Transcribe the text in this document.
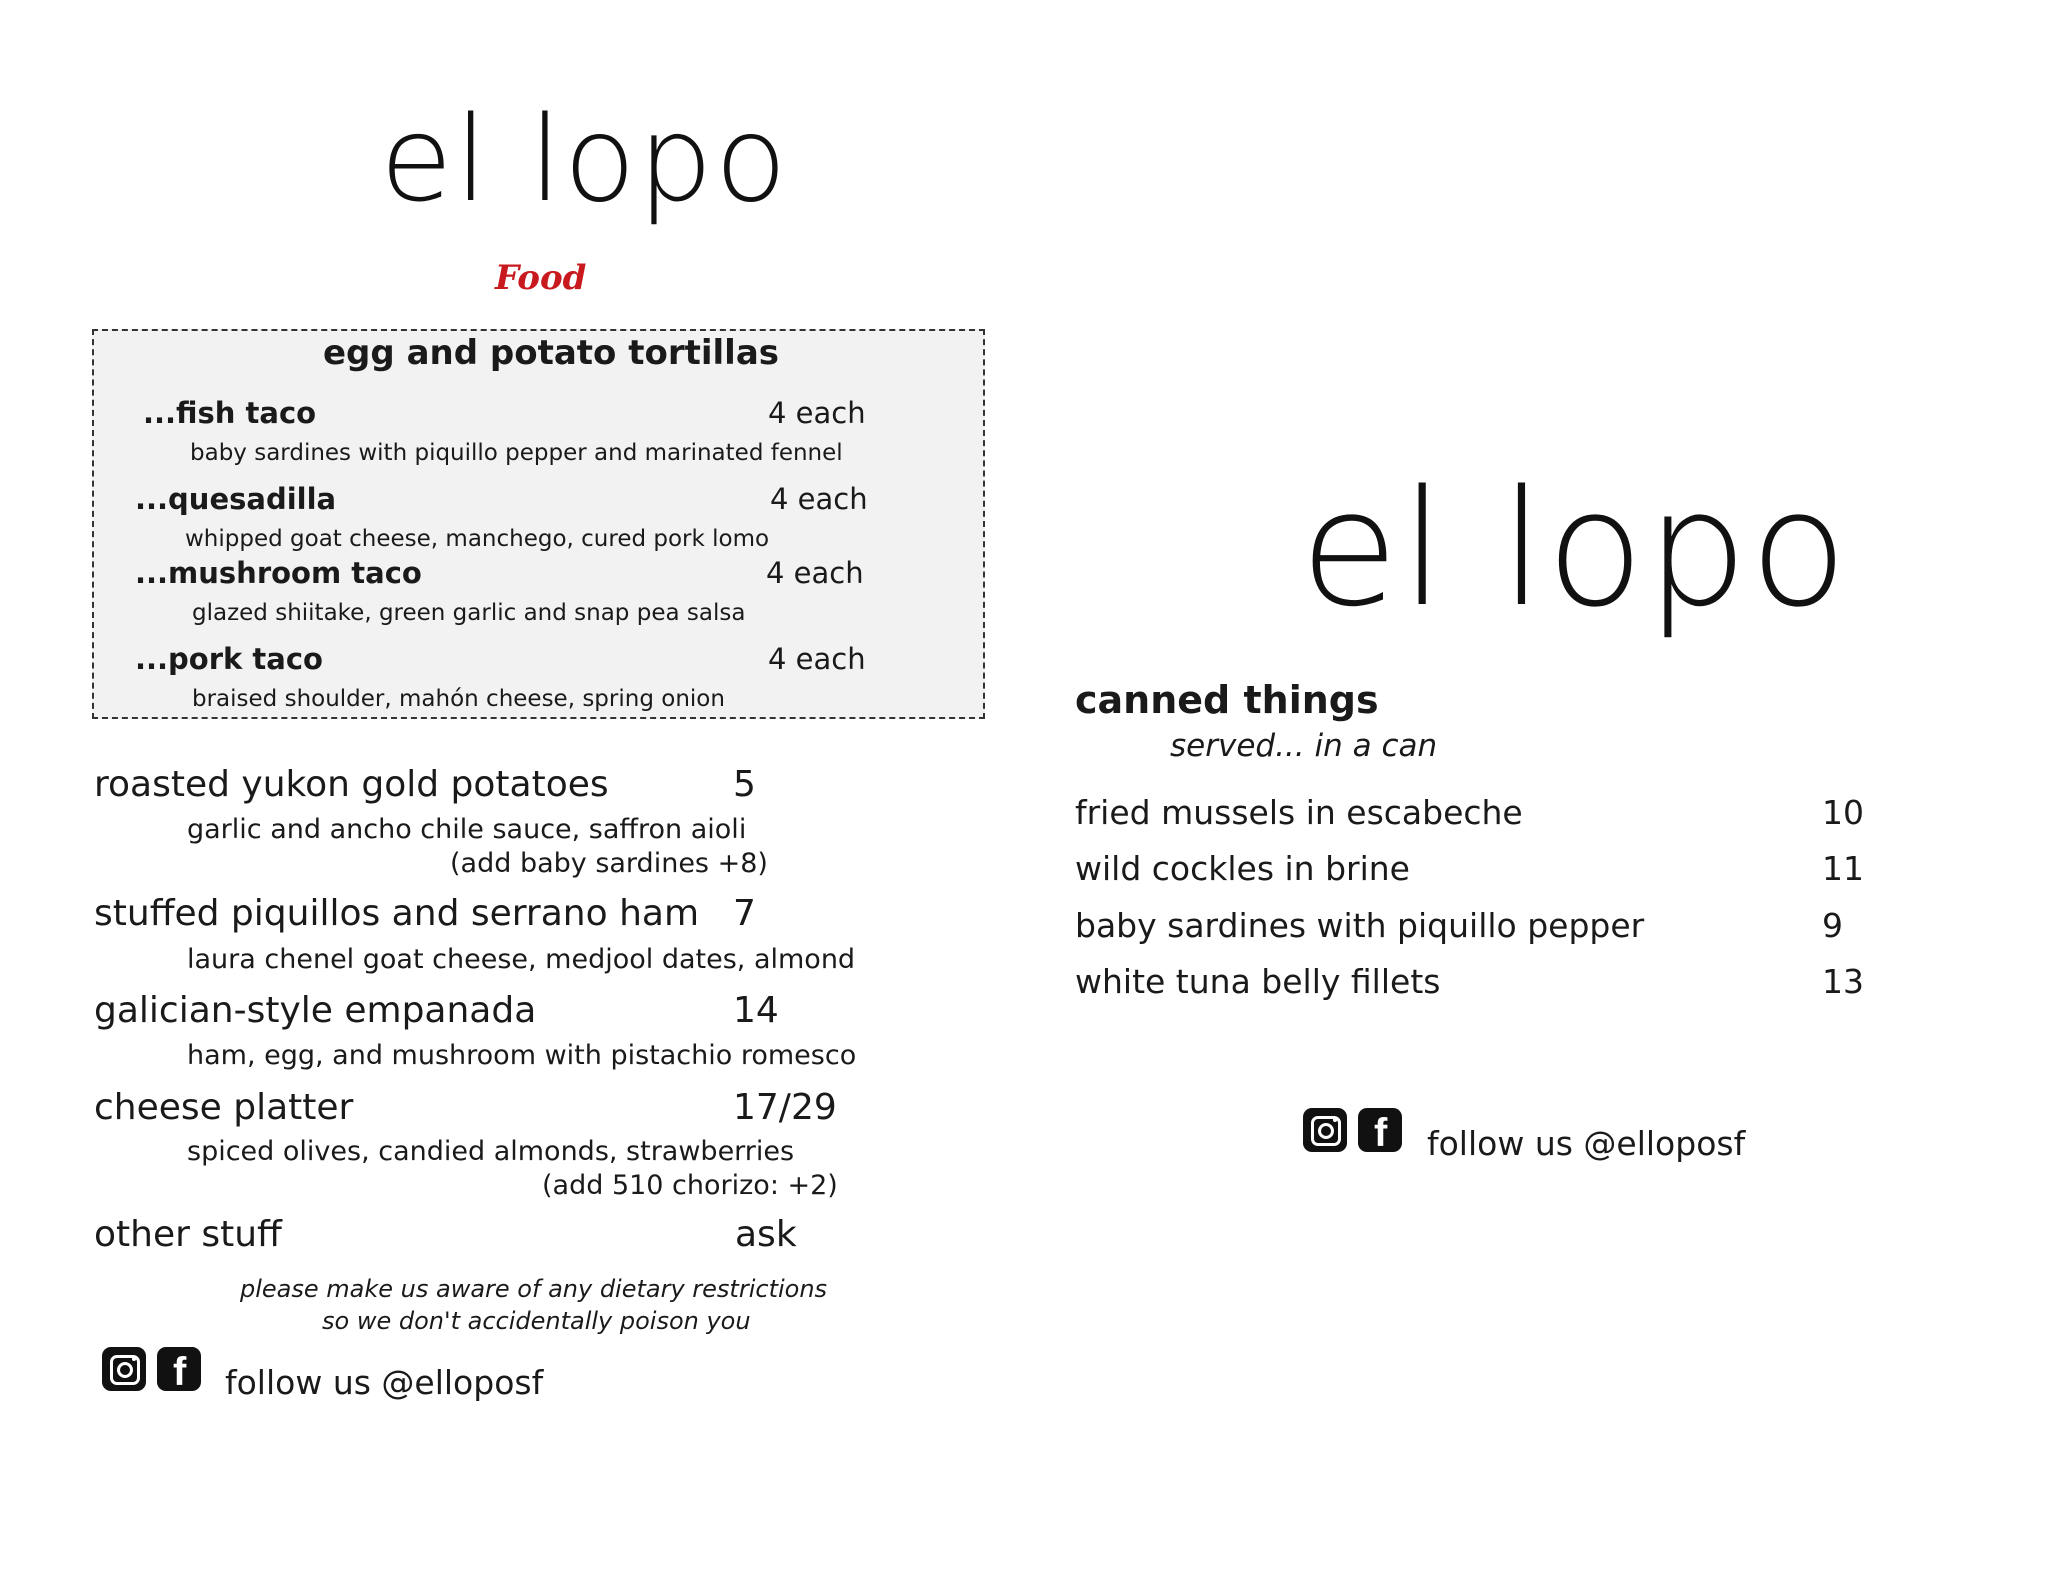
el lopo
Food
egg and potato tortillas
...fish taco	4 each
baby sardines with piquillo pepper and marinated fennel
...quesadilla	4 each
whipped goat cheese, manchego, cured pork lomo
...mushroom taco	4 each
glazed shiitake, green garlic and snap pea salsa
...pork taco	4 each
braised shoulder, mahón cheese, spring onion
roasted yukon gold potatoes	5
garlic and ancho chile sauce, saffron aioli
(add baby sardines +8)
stuffed piquillos and serrano ham 7
laura chenel goat cheese, medjool dates, almond
galician-style empanada	14
ham, egg, and mushroom with pistachio romesco
cheese platter	17/29
spiced olives, candied almonds, strawberries
(add 510 chorizo: +2)
other stuff	ask
please make us aware of any dietary restrictions
so we don't accidentally poison you
f follow us @elloposf
el lopo
canned things
served... in a can
fried mussels in escabeche	10
wild cockles in brine	11
baby sardines with piquillo pepper	9
white tuna belly fillets	13
f follow us @elloposf
